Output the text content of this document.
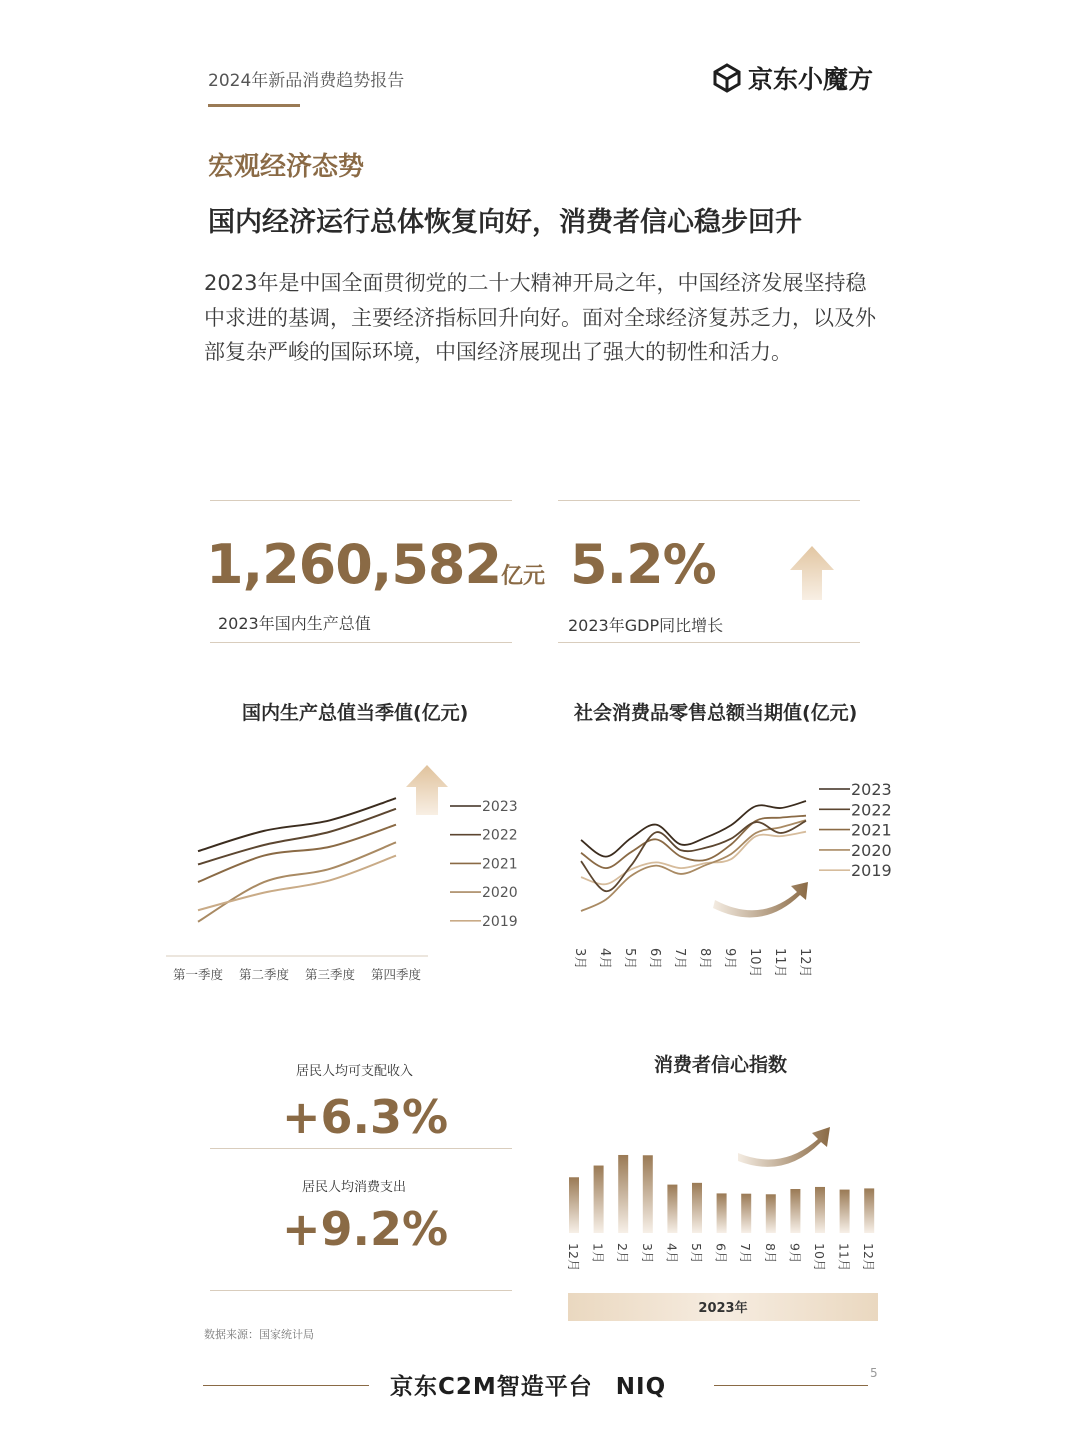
2024年新品消费趋势报告	京东小魔方
宏观经济态势
国内经济运行总体恢复向好，消费者信心稳步回升
2023年是中国全面贯彻党的二十大精神开局之年，中国经济发展坚持稳中求进的基调，主要经济指标回升向好。面对全球经济复苏乏力，以及外部复杂严峻的国际环境，中国经济展现出了强大的韧性和活力。
1,260,582 亿元
2023年国内生产总值
5.2%
2023年GDP同比增长
国内生产总值当季值(亿元)	社会消费品零售总额当期值(亿元)
2023
2022
2021
2020
2019
第一季度 第二季度 第三季度 第四季度
2023
2022
2021
2020
2019
3月 4月 5月 6月 7月 8月 9月 10月 11月 12月
居民人均可支配收入
+6.3%
居民人均消费支出
+9.2%
消费者信心指数
12月 1月 2月 3月 4月 5月 6月 7月 8月 9月 10月 11月 12月
2023年
数据来源：国家统计局
京东C2M智造平台 NIQ
5
